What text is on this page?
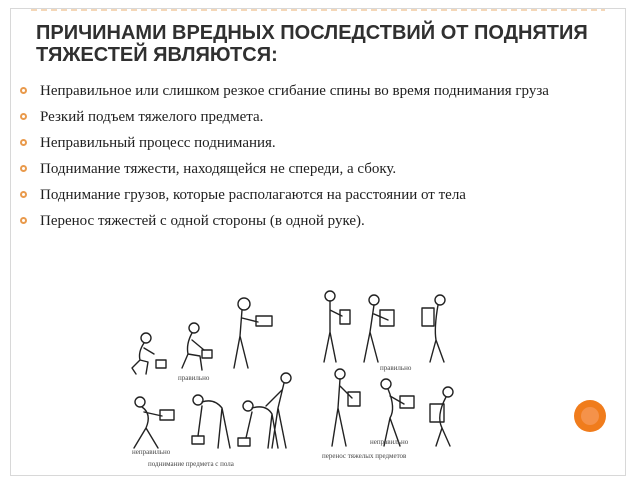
ПРИЧИНАМИ ВРЕДНЫХ ПОСЛЕДСТВИЙ ОТ ПОДНЯТИЯ ТЯЖЕСТЕЙ ЯВЛЯЮТСЯ:
Неправильное или слишком резкое сгибание спины во время поднимания груза
Резкий подъем тяжелого предмета.
Неправильный процесс поднимания.
Поднимание тяжести, находящейся не спереди, а сбоку.
Поднимание грузов, которые располагаются на расстоянии от тела
Перенос тяжестей с одной стороны (в одной руке).
правильно
правильно
неправильно
поднимание предмета с пола
неправильно
перенос тяжелых предметов
